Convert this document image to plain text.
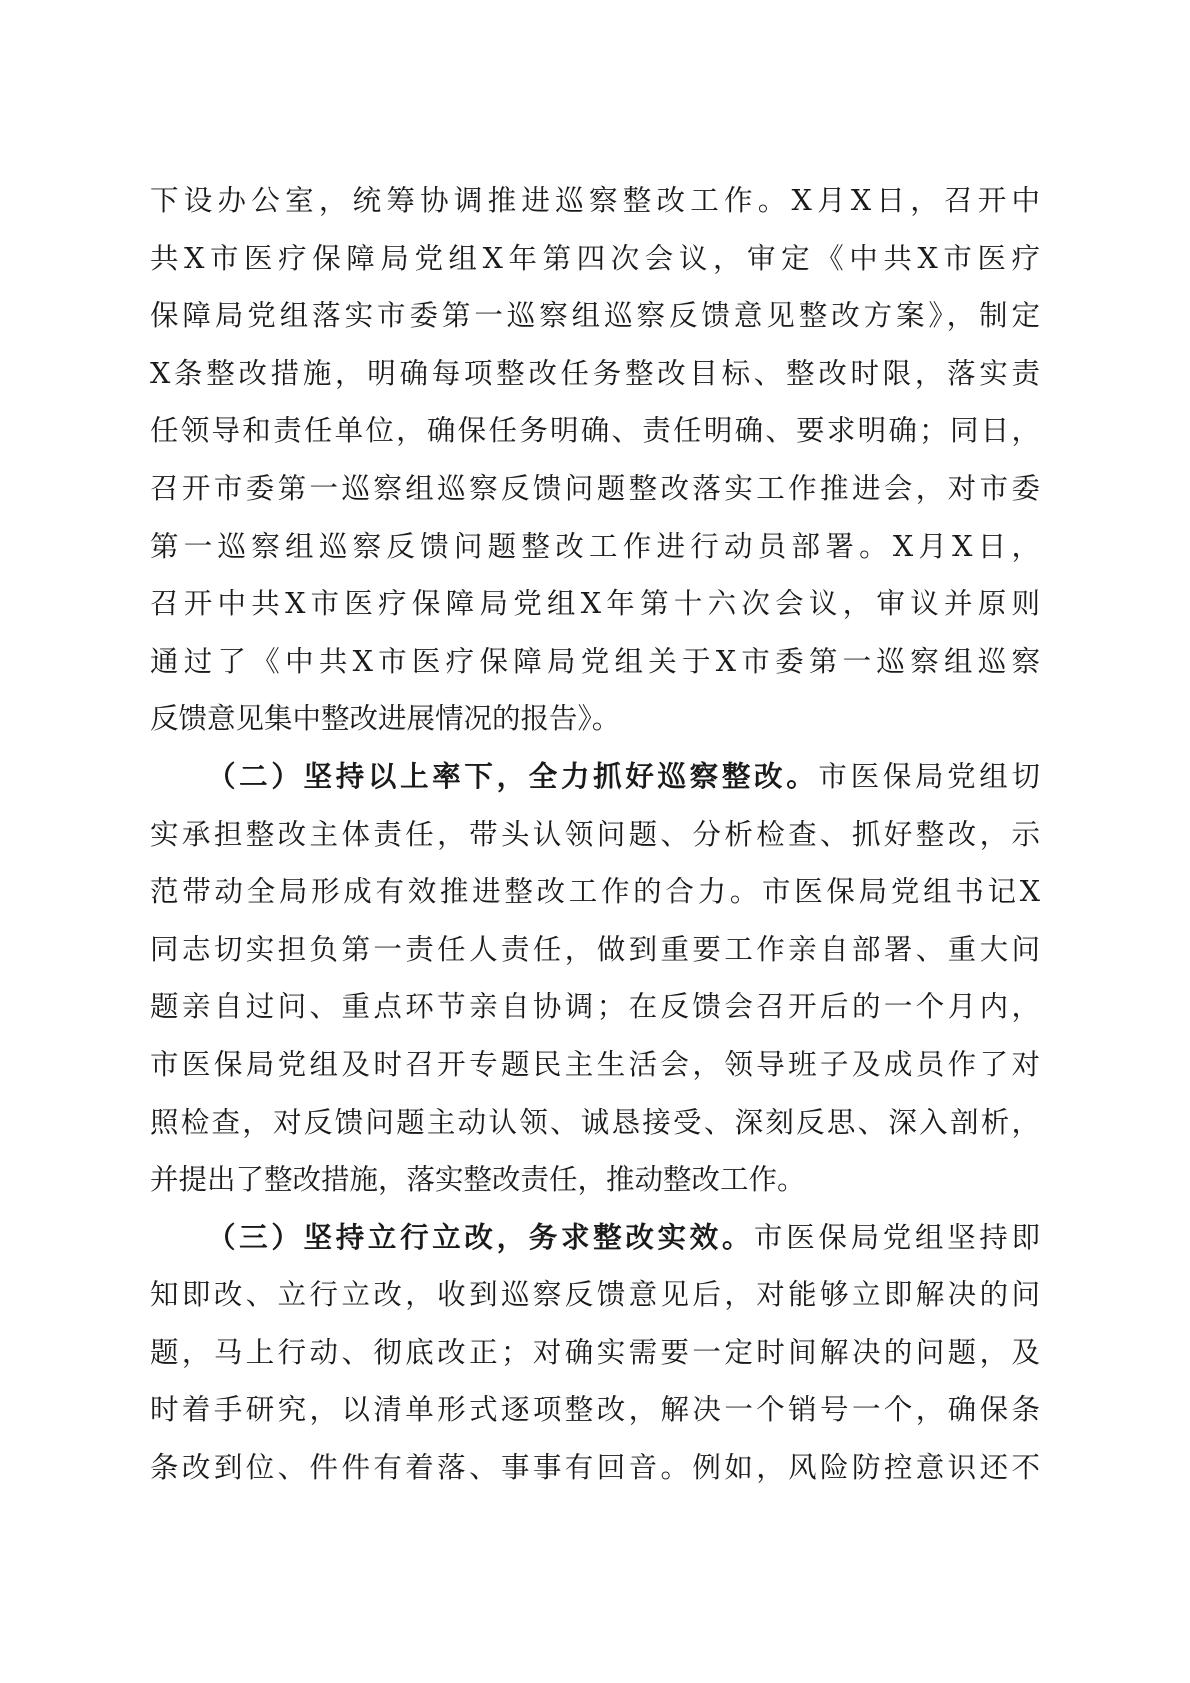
下设办公室，统筹协调推进巡察整改工作。X月X日，召开中
共X市医疗保障局党组X年第四次会议，审定《中共X市医疗
保障局党组落实市委第一巡察组巡察反馈意见整改方案》，制定
X条整改措施，明确每项整改任务整改目标、整改时限，落实责
任领导和责任单位，确保任务明确、责任明确、要求明确；同日，
召开市委第一巡察组巡察反馈问题整改落实工作推进会，对市委
第一巡察组巡察反馈问题整改工作进行动员部署。X月X日，
召开中共X市医疗保障局党组X年第十六次会议，审议并原则
通过了《中共X市医疗保障局党组关于X市委第一巡察组巡察
反馈意见集中整改进展情况的报告》。
（二）坚持以上率下，全力抓好巡察整改。市医保局党组切
实承担整改主体责任，带头认领问题、分析检查、抓好整改，示
范带动全局形成有效推进整改工作的合力。市医保局党组书记X
同志切实担负第一责任人责任，做到重要工作亲自部署、重大问
题亲自过问、重点环节亲自协调；在反馈会召开后的一个月内，
市医保局党组及时召开专题民主生活会，领导班子及成员作了对
照检查，对反馈问题主动认领、诚恳接受、深刻反思、深入剖析，
并提出了整改措施，落实整改责任，推动整改工作。
（三）坚持立行立改，务求整改实效。市医保局党组坚持即
知即改、立行立改，收到巡察反馈意见后，对能够立即解决的问
题，马上行动、彻底改正；对确实需要一定时间解决的问题，及
时着手研究，以清单形式逐项整改，解决一个销号一个，确保条
条改到位、件件有着落、事事有回音。例如，风险防控意识还不
